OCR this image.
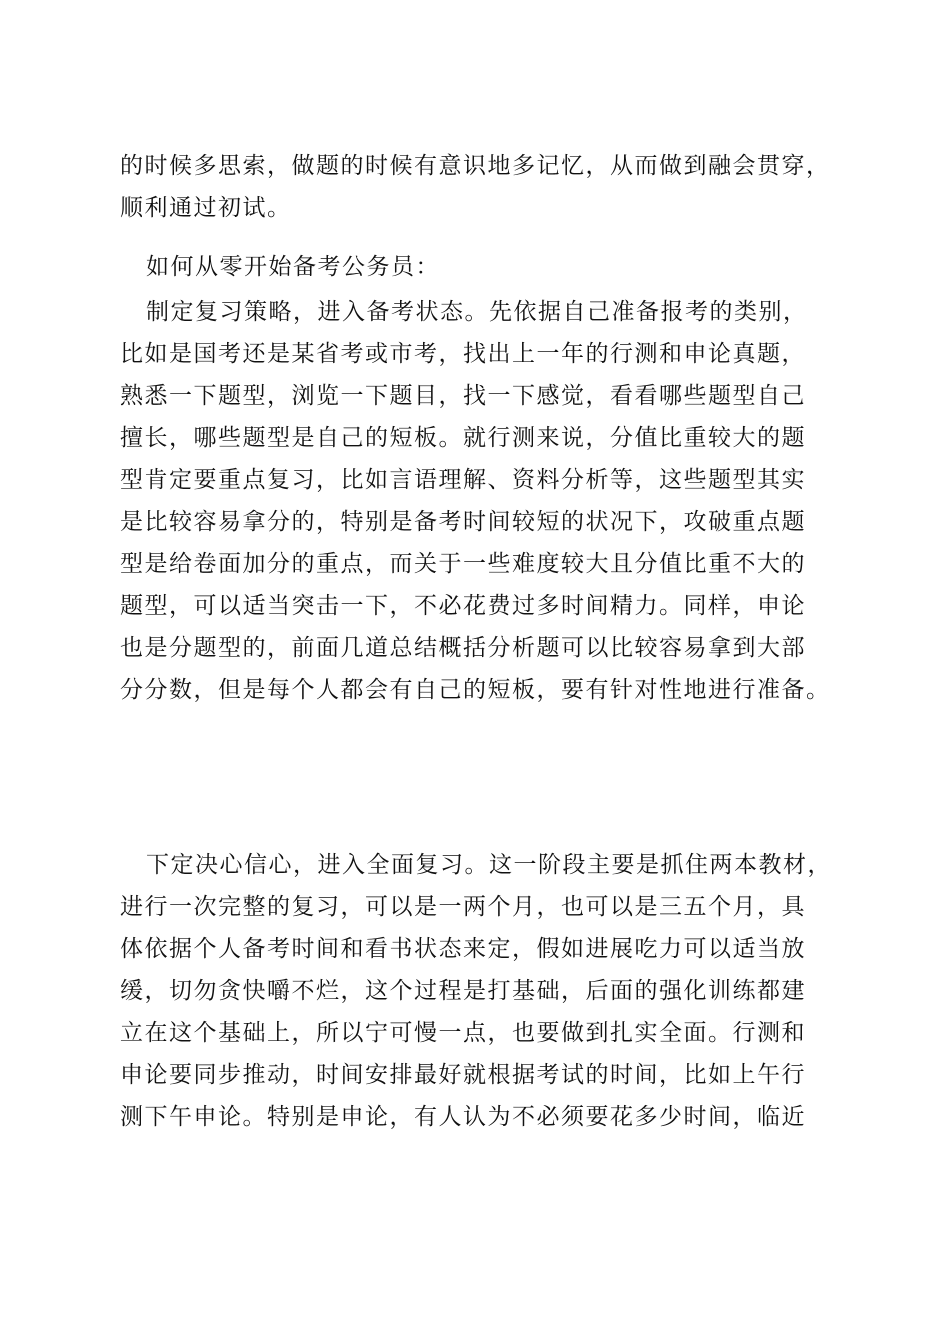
的时候多思索，做题的时候有意识地多记忆，从而做到融会贯穿，
顺利通过初试。
如何从零开始备考公务员：
制定复习策略，进入备考状态。先依据自己准备报考的类别，
比如是国考还是某省考或市考，找出上一年的行测和申论真题，
熟悉一下题型，浏览一下题目，找一下感觉，看看哪些题型自己
擅长，哪些题型是自己的短板。就行测来说，分值比重较大的题
型肯定要重点复习，比如言语理解、资料分析等，这些题型其实
是比较容易拿分的，特别是备考时间较短的状况下，攻破重点题
型是给卷面加分的重点，而关于一些难度较大且分值比重不大的
题型，可以适当突击一下，不必花费过多时间精力。同样，申论
也是分题型的，前面几道总结概括分析题可以比较容易拿到大部
分分数，但是每个人都会有自己的短板，要有针对性地进行准备。
下定决心信心，进入全面复习。这一阶段主要是抓住两本教材，
进行一次完整的复习，可以是一两个月，也可以是三五个月，具
体依据个人备考时间和看书状态来定，假如进展吃力可以适当放
缓，切勿贪快嚼不烂，这个过程是打基础，后面的强化训练都建
立在这个基础上，所以宁可慢一点，也要做到扎实全面。行测和
申论要同步推动，时间安排最好就根据考试的时间，比如上午行
测下午申论。特别是申论，有人认为不必须要花多少时间，临近
